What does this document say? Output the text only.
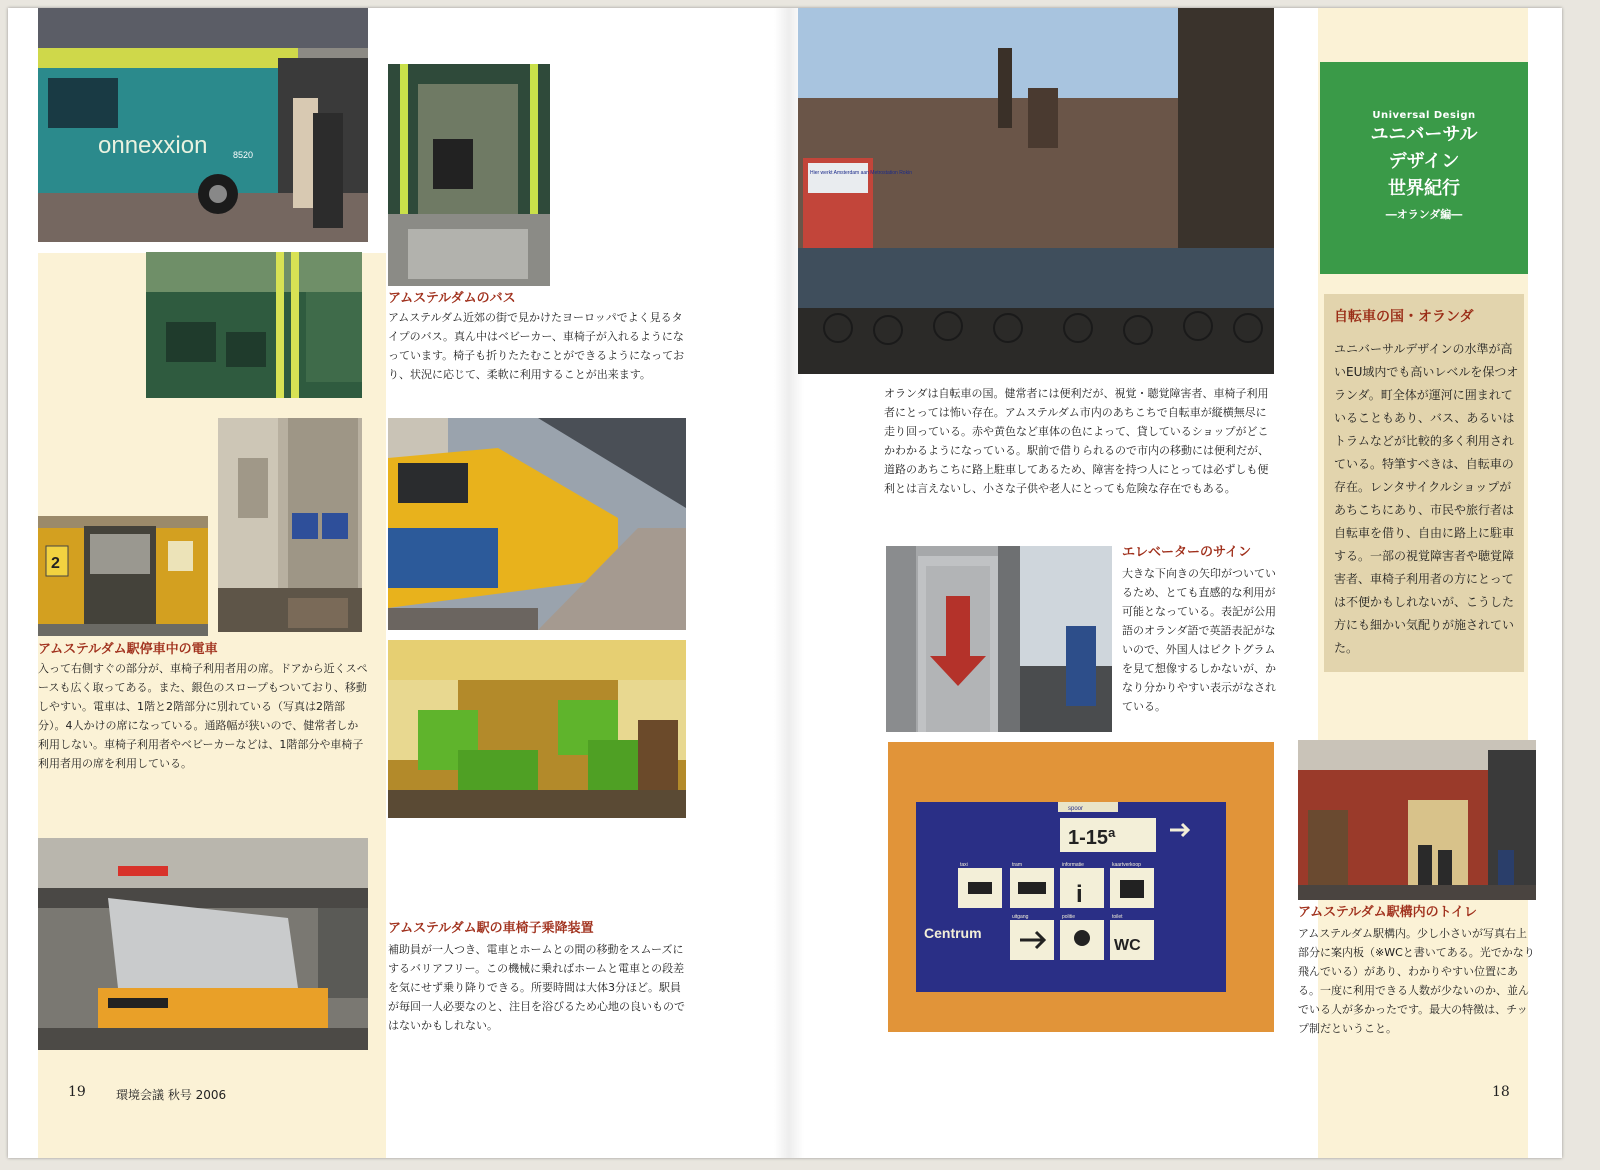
onnexxion	8520
アムステルダムのバス
アムステルダム近郊の街で見かけたヨーロッパでよく見るタイプのバス。真ん中はベビーカー、車椅子が入れるようになっています。椅子も折りたたむことができるようになっており、状況に応じて、柔軟に利用することが出来ます。
2
アムステルダム駅停車中の電車
入って右側すぐの部分が、車椅子利用者用の席。ドアから近くスペースも広く取ってある。また、銀色のスロープもついており、移動しやすい。電車は、1階と2階部分に別れている（写真は2階部分）。4人かけの席になっている。通路幅が狭いので、健常者しか利用しない。車椅子利用者やベビーカーなどは、1階部分や車椅子利用者用の席を利用している。
アムステルダム駅の車椅子乗降装置
補助員が一人つき、電車とホームとの間の移動をスムーズにするバリアフリー。この機械に乗ればホームと電車との段差を気にせず乗り降りできる。所要時間は大体3分ほど。駅員が毎回一人必要なのと、注目を浴びるため心地の良いものではないかもしれない。
19	環境会議 秋号 2006
Hier werkt Amsterdam aan Metrostation Rokin
オランダは自転車の国。健常者には便利だが、視覚・聴覚障害者、車椅子利用者にとっては怖い存在。アムステルダム市内のあちこちで自転車が縦横無尽に走り回っている。赤や黄色など車体の色によって、貸しているショップがどこかわかるようになっている。駅前で借りられるので市内の移動には便利だが、道路のあちこちに路上駐車してあるため、障害を持つ人にとっては必ずしも便利とは言えないし、小さな子供や老人にとっても危険な存在でもある。
Universal Design
ユニバーサル
デザイン
世界紀行
―オランダ編―
自転車の国・オランダ
ユニバーサルデザインの水準が高いEU域内でも高いレベルを保つオランダ。町全体が運河に囲まれていることもあり、バス、あるいはトラムなどが比較的多く利用されている。特筆すべきは、自転車の存在。レンタサイクルショップがあちこちにあり、市民や旅行者は自転車を借り、自由に路上に駐車する。一部の視覚障害者や聴覚障害者、車椅子利用者の方にとっては不便かもしれないが、こうした方にも細かい気配りが施されていた。
エレベーターのサイン
大きな下向きの矢印がついているため、とても直感的な利用が可能となっている。表記が公用語のオランダ語で英語表記がないので、外国人はピクトグラムを見て想像するしかないが、かなり分かりやすい表示がなされている。
spoor
1-15ª
taxi	tram	informatie	kaartverkoop
uitgang	politie	toilet
i
WC
Centrum
アムステルダム駅構内のトイレ
アムステルダム駅構内。少し小さいが写真右上部分に案内板（※WCと書いてある。光でかなり飛んでいる）があり、わかりやすい位置にある。一度に利用できる人数が少ないのか、並んでいる人が多かったです。最大の特徴は、チップ制だということ。
18
